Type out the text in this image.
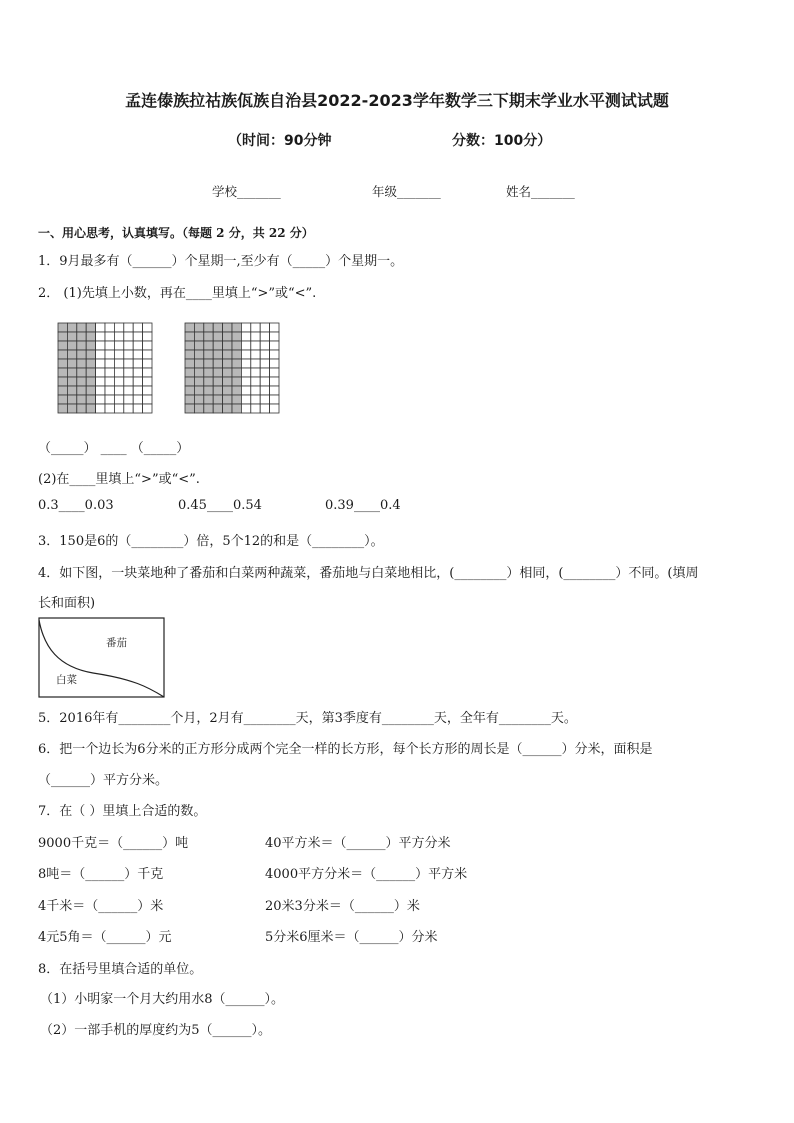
孟连傣族拉祜族佤族自治县2022-2023学年数学三下期末学业水平测试试题
（时间：90分钟	分数：100分）
学校_______	年级_______	姓名_______
一、用心思考，认真填写。（每题 2 分，共 22 分）
1．9月最多有（______）个星期一,至少有（_____）个星期一。
2． (1)先填上小数，再在____里填上“>”或“<”.
（_____） ____ （_____）
(2)在____里填上“>”或“<”.
0.3____0.03	0.45____0.54	0.39____0.4
3．150是6的（________）倍，5个12的和是（________）。
4．如下图，一块菜地种了番茄和白菜两种蔬菜，番茄地与白菜地相比，(________）相同，(________）不同。(填周
长和面积)
番茄
白菜
5．2016年有________个月，2月有________天，第3季度有________天，全年有________天。
6．把一个边长为6分米的正方形分成两个完全一样的长方形，每个长方形的周长是（______）分米，面积是
（______）平方分米。
7．在（ ）里填上合适的数。
9000千克＝（______）吨	40平方米＝（______）平方分米
8吨＝（______）千克	4000平方分米＝（______）平方米
4千米＝（______）米	20米3分米＝（______）米
4元5角＝（______）元	5分米6厘米＝（______）分米
8．在括号里填合适的单位。
（1）小明家一个月大约用水8（______）。
（2）一部手机的厚度约为5（______）。
